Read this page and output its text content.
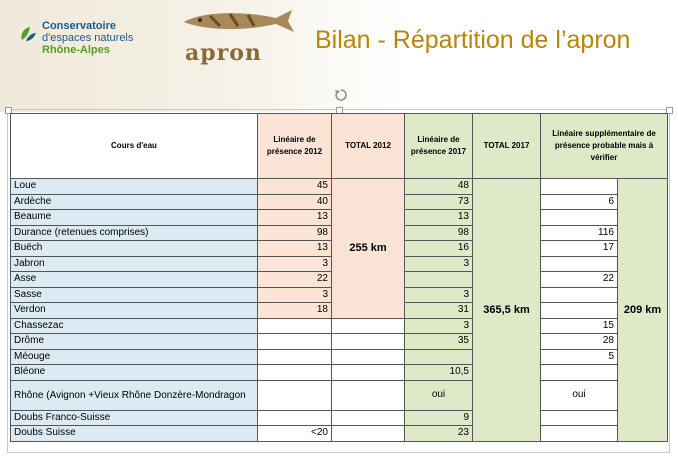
Conservatoire
d'espaces naturels
Rhône-Alpes	apron Bilan - Répartition de l’apron
Cours d'eau	Linéaire de présence 2012	TOTAL 2012	Linéaire de présence 2017	TOTAL 2017	Linéaire supplémentaire de présence probable mais à vérifier	
Loue	45	255 km	48	365,5 km		209 km
Ardèche	40		73		6	
Beaume	13		13			
Durance (retenues comprises)	98		98		116	
Buëch	13		16		17	
Jabron	3		3			
Asse	22				22	
Sasse	3		3			
Verdon	18		31			
Chassezac			3		15	
Drôme			35		28	
Méouge					5	
Bléone			10,5			
Rhône (Avignon +Vieux Rhône Donzère-Mondragon			oui		oui	
Doubs Franco-Suisse			9			
Doubs Suisse	<20		23			
